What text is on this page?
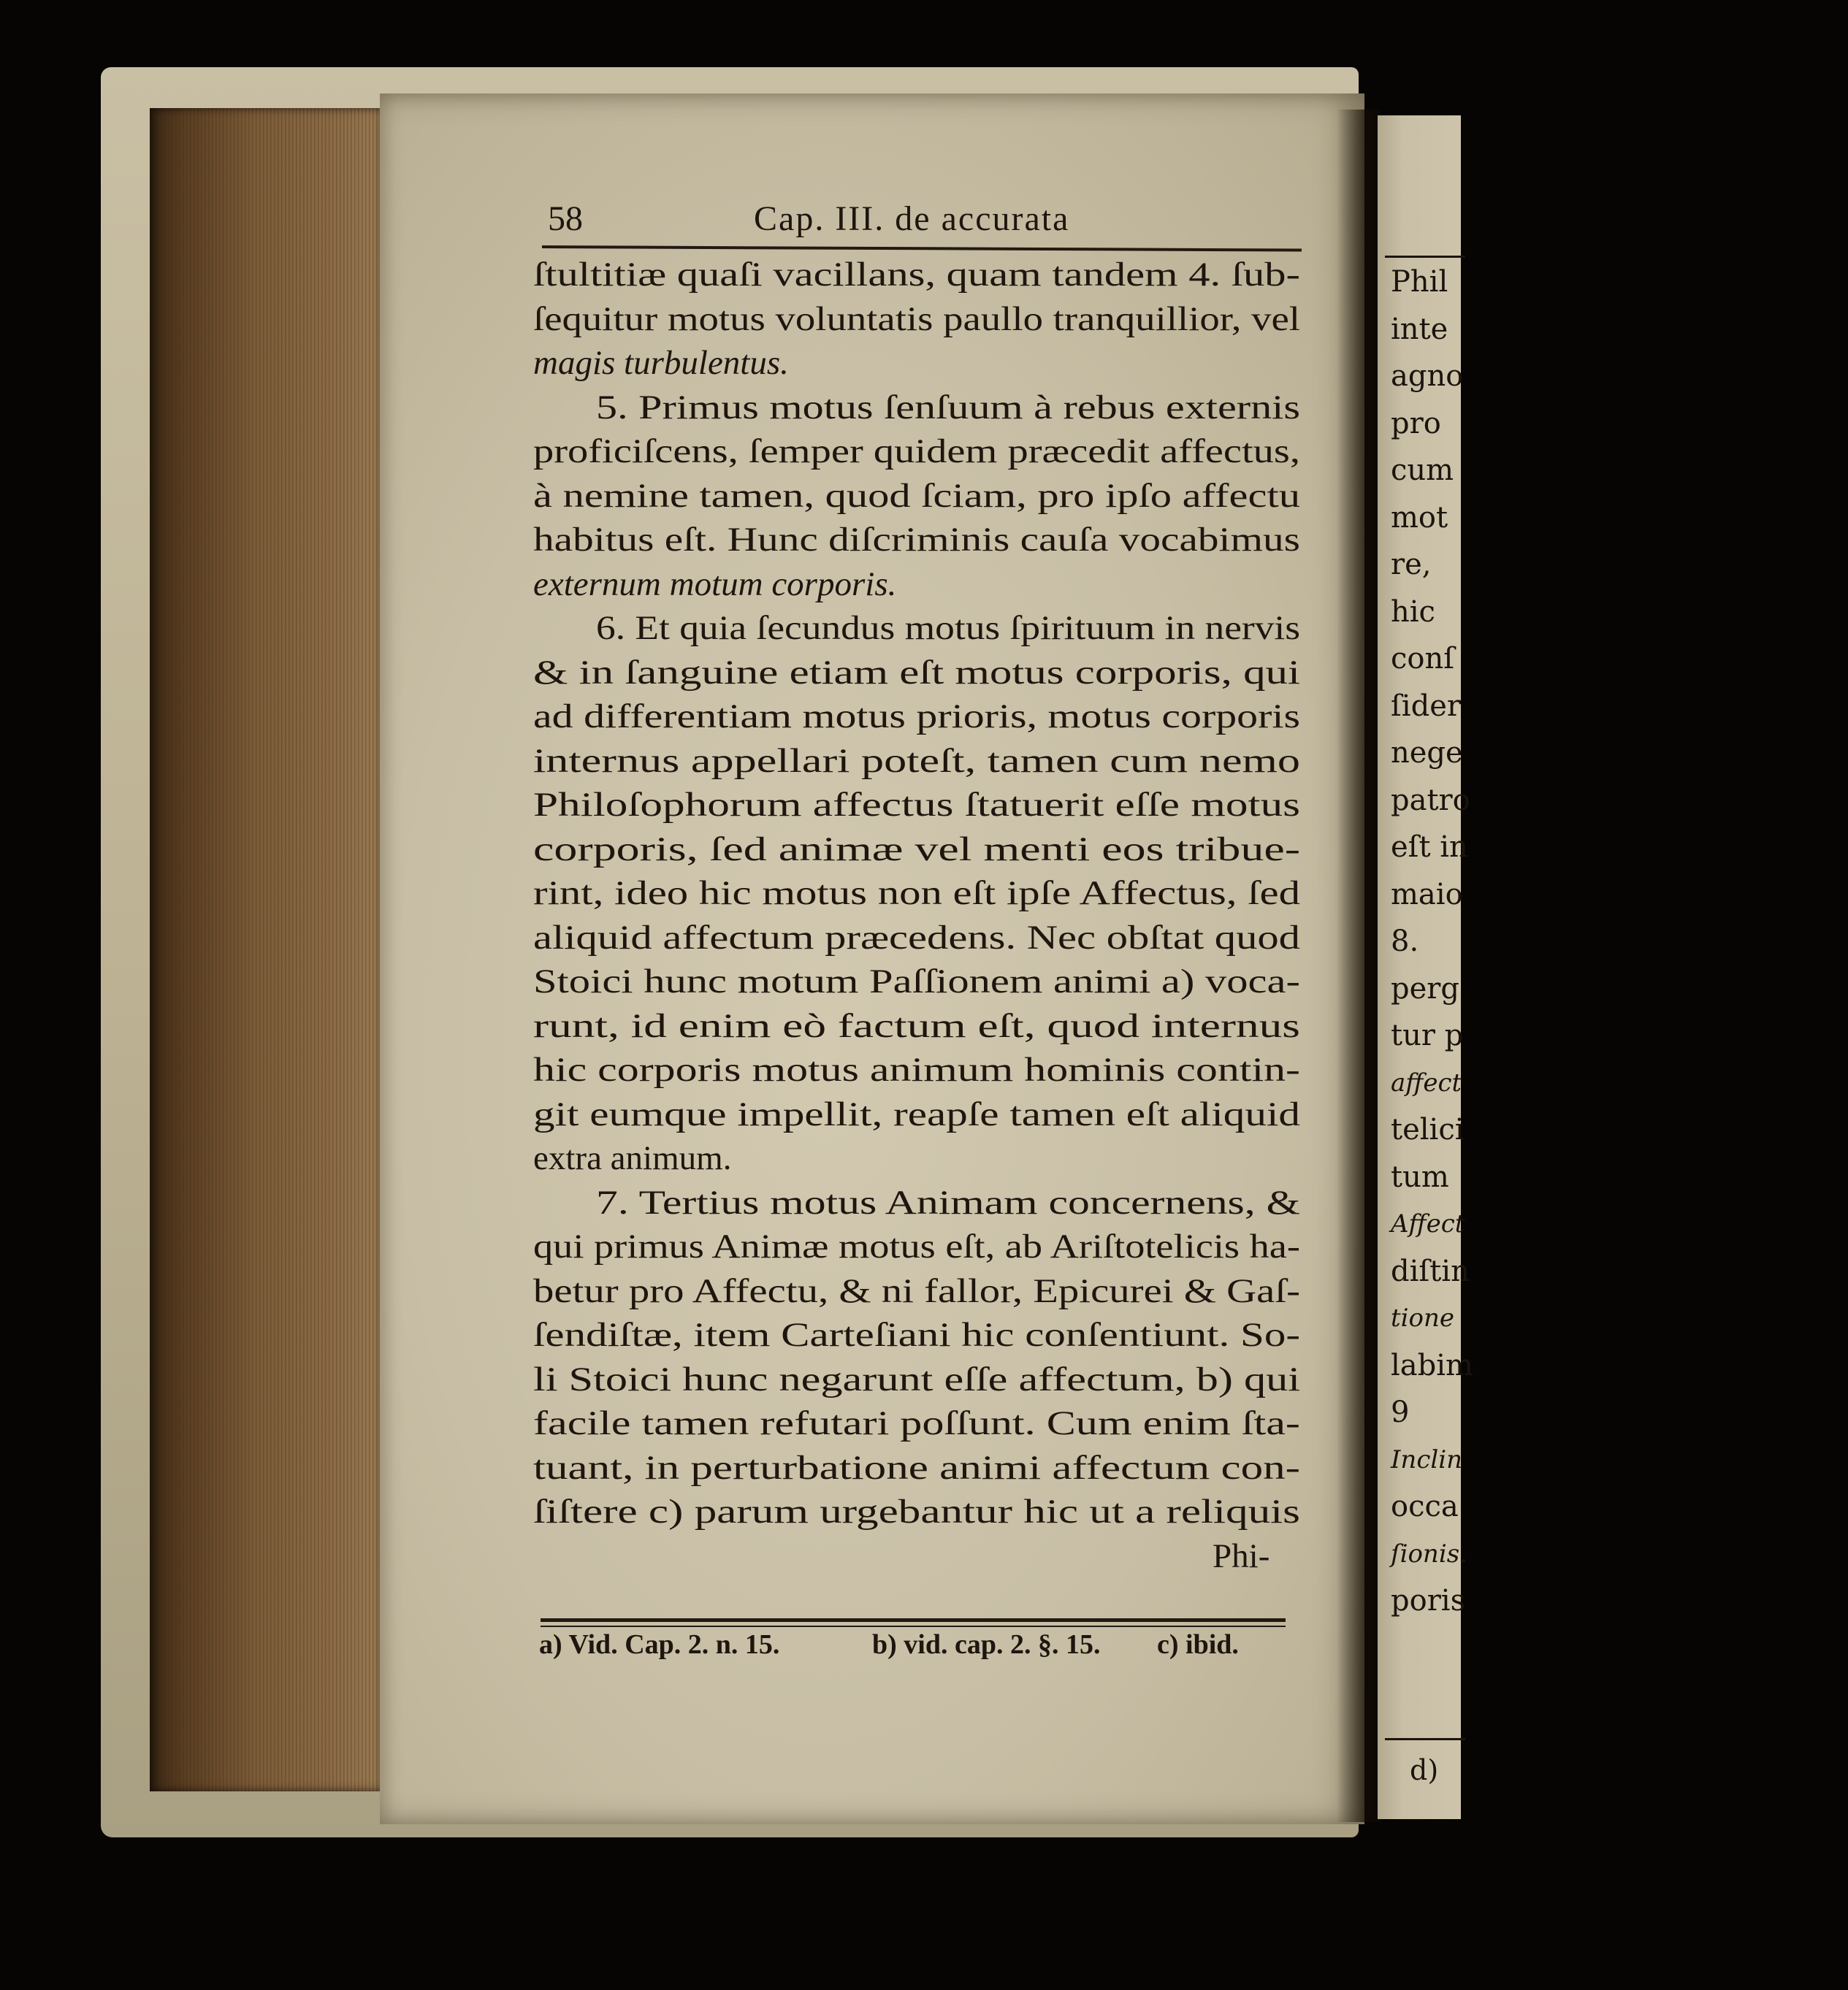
58	Cap. III. de accurata
ſtultitiæ quaſi vacillans, quam tandem 4. ſub-
ſequitur motus voluntatis paullo tranquillior, vel
magis turbulentus.
5. Primus motus ſenſuum à rebus externis
proficiſcens, ſemper quidem præcedit affectus,
à nemine tamen, quod ſciam, pro ipſo affectu
habitus eſt. Hunc diſcriminis cauſa vocabimus
externum motum corporis.
6. Et quia ſecundus motus ſpirituum in nervis
& in ſanguine etiam eſt motus corporis, qui
ad differentiam motus prioris, motus corporis
internus appellari poteſt, tamen cum nemo
Philoſophorum affectus ſtatuerit eſſe motus
corporis, ſed animæ vel menti eos tribue-
rint, ideo hic motus non eſt ipſe Affectus, ſed
aliquid affectum præcedens. Nec obſtat quod
Stoici hunc motum Paſſionem animi a) voca-
runt, id enim eò factum eſt, quod internus
hic corporis motus animum hominis contin-
git eumque impellit, reapſe tamen eſt aliquid
extra animum.
7. Tertius motus Animam concernens, &
qui primus Animæ motus eſt, ab Ariſtotelicis ha-
betur pro Affectu, & ni fallor, Epicurei & Gaſ-
ſendiſtæ, item Carteſiani hic conſentiunt. So-
li Stoici hunc negarunt eſſe affectum, b) qui
facile tamen refutari poſſunt. Cum enim ſta-
tuant, in perturbatione animi affectum con-
ſiſtere c) parum urgebantur hic ut a reliquis
Phi-
a) Vid. Cap. 2. n. 15.	b) vid. cap. 2. §. 15. c) ibid.
d)
Phil
inte
agno
pro
cum
mot
re,
hic
conſ
ſider
nege
patro
eſt in
maio
8.
perg
tur p
affect
telici
tum
Affect
diſtin
tione
labim
9
Inclin
occa
ſionis.
poris
